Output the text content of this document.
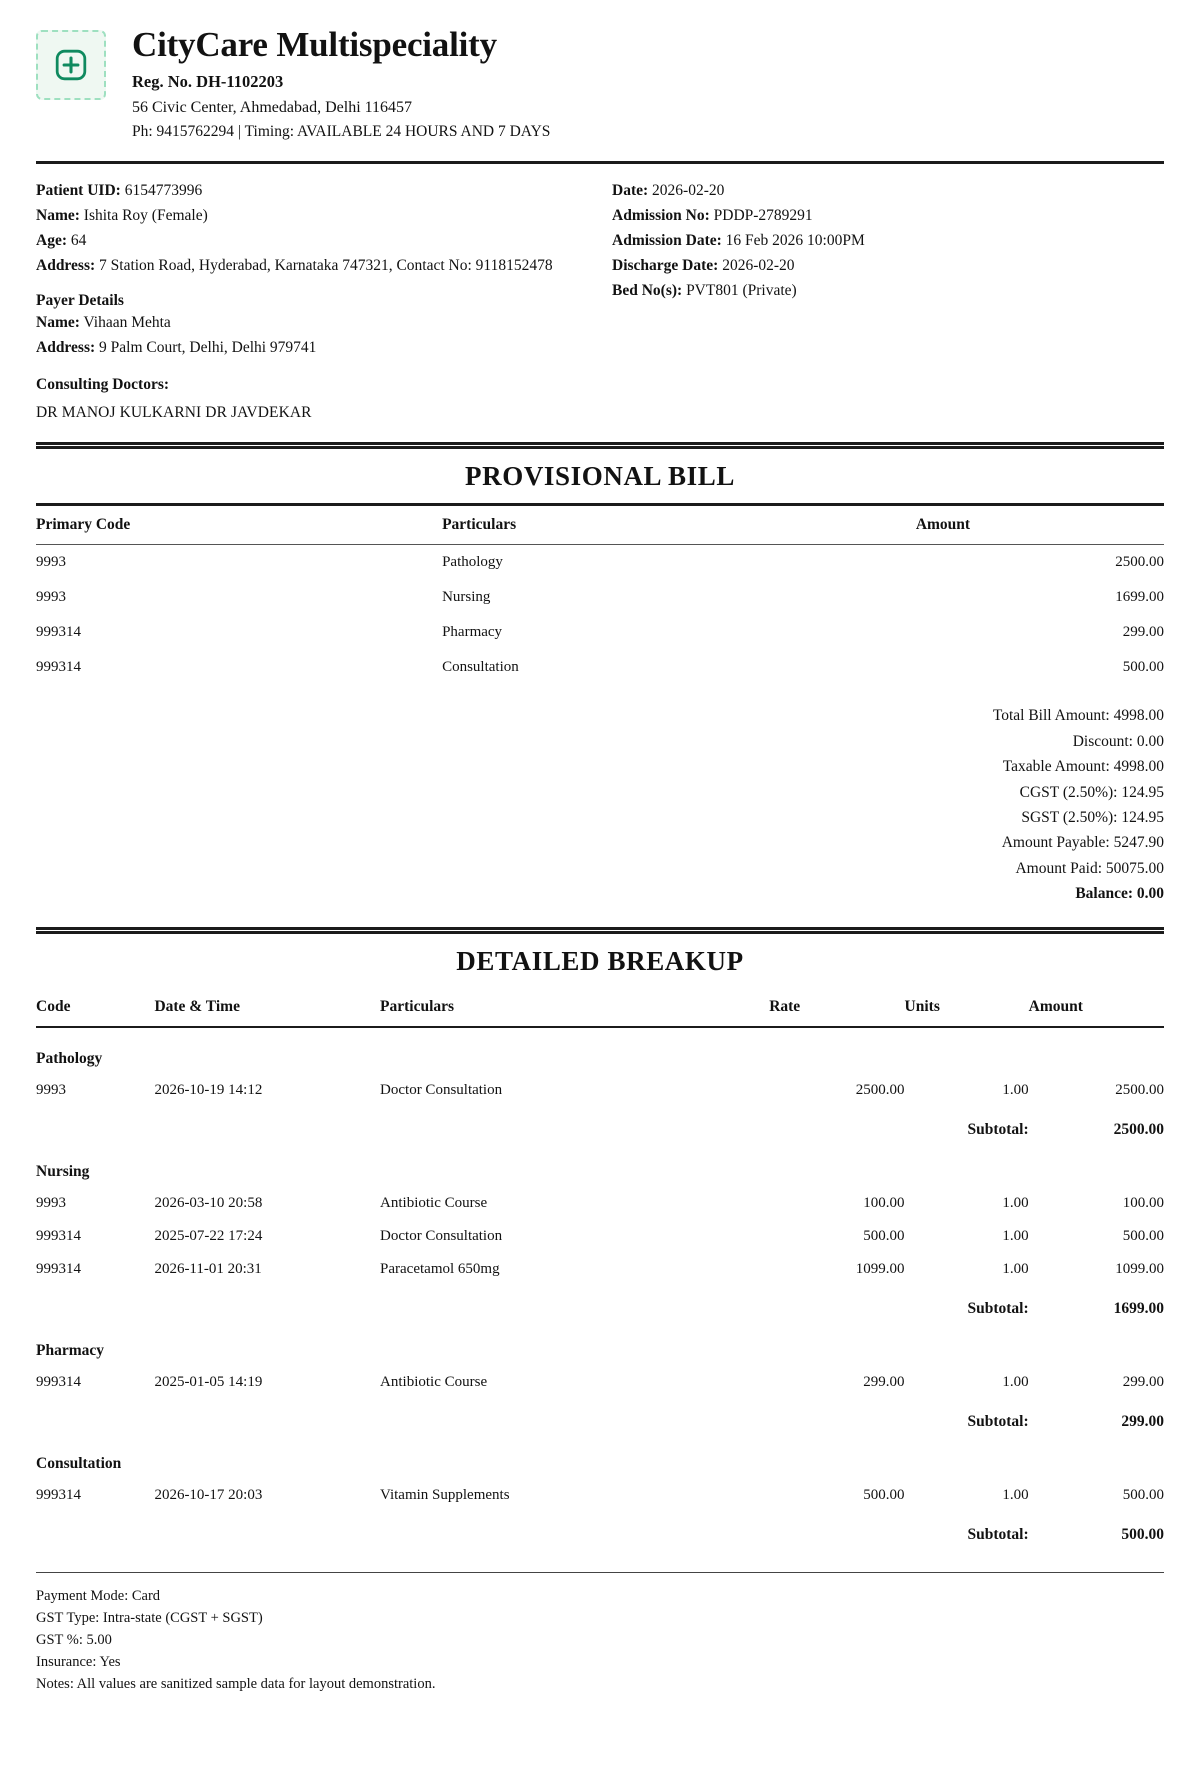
CityCare Multispeciality
Reg. No. DH-1102203
56 Civic Center, Ahmedabad, Delhi 116457
Ph: 9415762294 | Timing: AVAILABLE 24 HOURS AND 7 DAYS
Patient UID: 6154773996
Name: Ishita Roy (Female)
Age: 64
Address: 7 Station Road, Hyderabad, Karnataka 747321, Contact No: 9118152478
Payer Details
Name: Vihaan Mehta
Address: 9 Palm Court, Delhi, Delhi 979741
Consulting Doctors:
DR MANOJ KULKARNI DR JAVDEKAR
Date: 2026-02-20
Admission No: PDDP-2789291
Admission Date: 16 Feb 2026 10:00PM
Discharge Date: 2026-02-20
Bed No(s): PVT801 (Private)
PROVISIONAL BILL
Primary Code	Particulars	Amount
9993	Pathology	2500.00
9993	Nursing	1699.00
999314	Pharmacy	299.00
999314	Consultation	500.00
Total Bill Amount: 4998.00
Discount: 0.00
Taxable Amount: 4998.00
CGST (2.50%): 124.95
SGST (2.50%): 124.95
Amount Payable: 5247.90
Amount Paid: 50075.00
Balance: 0.00
DETAILED BREAKUP
Code	Date & Time	Particulars	Rate	Units	Amount
Pathology					
9993	2026-10-19 14:12	Doctor Consultation	2500.00	1.00	2500.00
				Subtotal:	2500.00
Nursing					
9993	2026-03-10 20:58	Antibiotic Course	100.00	1.00	100.00
999314	2025-07-22 17:24	Doctor Consultation	500.00	1.00	500.00
999314	2026-11-01 20:31	Paracetamol 650mg	1099.00	1.00	1099.00
				Subtotal:	1699.00
Pharmacy					
999314	2025-01-05 14:19	Antibiotic Course	299.00	1.00	299.00
				Subtotal:	299.00
Consultation					
999314	2026-10-17 20:03	Vitamin Supplements	500.00	1.00	500.00
				Subtotal:	500.00
Payment Mode: Card
GST Type: Intra-state (CGST + SGST)
GST %: 5.00
Insurance: Yes
Notes: All values are sanitized sample data for layout demonstration.
